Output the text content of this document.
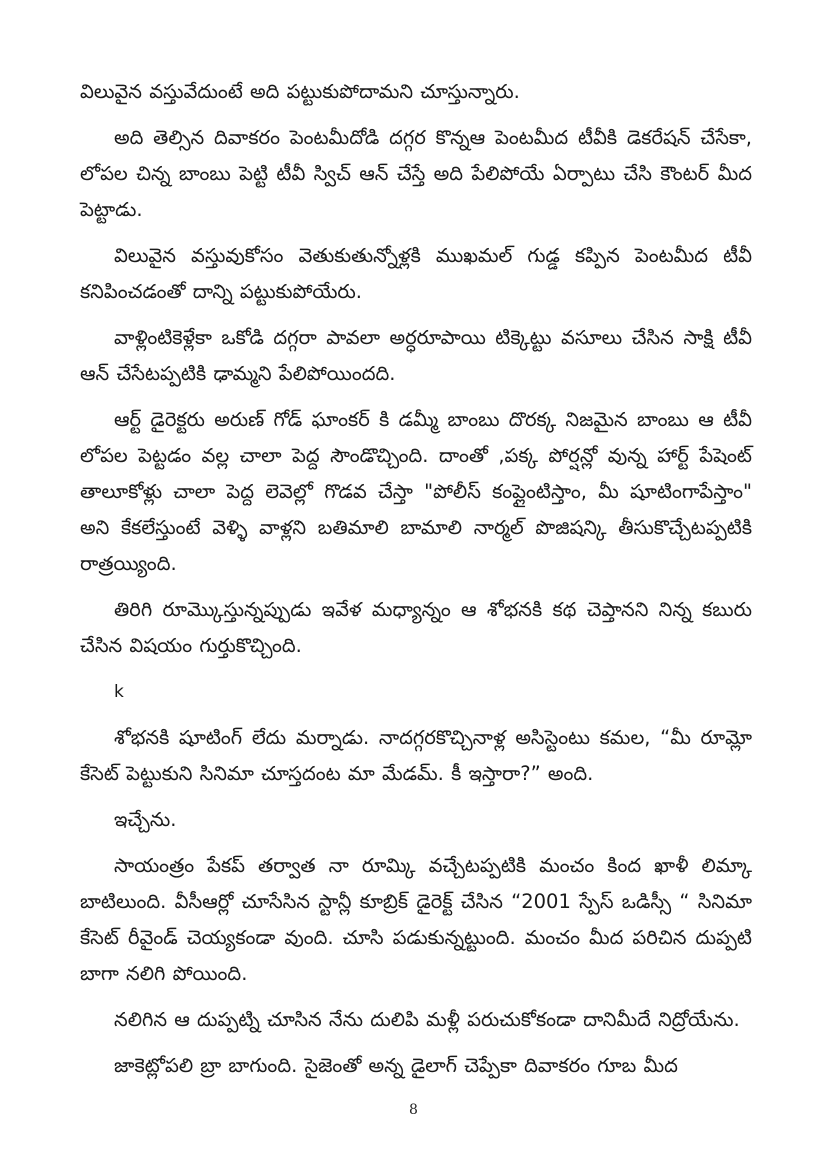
విలువైన వస్తువేదుంటే అది పట్టుకుపోదామని చూస్తున్నారు.

అది తెల్సిన దివాకరం పెంటమీదోడి దగ్గర కొన్నఆ పెంటమీద టీవీకి డెకరేషన్ చేసేకా, లోపల చిన్న బాంబు పెట్టి టీవీ స్విచ్ ఆన్ చేస్తే అది పేలిపోయే ఏర్పాటు చేసి కౌంటర్ మీద పెట్టాడు.

విలువైన వస్తువుకోసం వెతుకుతున్నోళ్లకి ముఖమల్ గుడ్డ కప్పిన పెంటమీద టీవీ కనిపించడంతో దాన్ని పట్టుకుపోయేరు.

వాళ్లింటికెళ్లేకా ఒకోడి దగ్గరా పావలా అర్ధరూపాయి టిక్కెట్టు వసూలు చేసిన సాక్షి టీవీ ఆన్ చేసేటప్పటికి ఢామ్మని పేలిపోయిందది.

ఆర్ట్ డైరెక్టరు అరుణ్ గోడ్ ఘాంకర్ కి డమ్మీ బాంబు దొరక్క నిజమైన బాంబు ఆ టీవీ లోపల పెట్టడం వల్ల చాలా పెద్ద సౌండొచ్చింది. దాంతో ,పక్క పోర్షన్లో వున్న హార్ట్ పేషెంట్ తాలూకోళ్లు చాలా పెద్ద లెవెల్లో గొడవ చేస్తా "పోలీస్ కంప్లైంటిస్తాం, మీ షూటింగాపేస్తాం" అని కేకలేస్తుంటే వెళ్ళి వాళ్లని బతిమాలి బామాలి నార్మల్ పొజిషన్కి తీసుకొచ్చేటప్పటికి రాత్రయ్యింది.

తిరిగి రూమ్కొస్తున్నప్పుడు ఇవేళ మధ్యాన్నం ఆ శోభనకి కథ చెప్తానని నిన్న కబురు చేసిన విషయం గుర్తుకొచ్చింది.

k

శోభనకి షూటింగ్ లేదు మర్నాడు. నాదగ్గరకొచ్చినాళ్ల అసిస్టెంటు కమల, “మీ రూమ్లో కేసెట్ పెట్టుకుని సినిమా చూస్తదంట మా మేడమ్. కీ ఇస్తారా?” అంది.

ఇచ్చేను.

సాయంత్రం పేకప్ తర్వాత నా రూమ్కి వచ్చేటప్పటికి మంచం కింద ఖాళీ లిమ్కా బాటిలుంది. వీసీఆర్లో చూసేసిన స్టాన్లీ కూబ్రిక్ డైరెక్ట్ చేసిన “2001 స్పేస్ ఒడిస్సీ “ సినిమా కేసెట్ రీవైండ్ చెయ్యకండా వుంది. చూసి పడుకున్నట్టుంది. మంచం మీద పరిచిన దుప్పటి బాగా నలిగి పోయింది.

నలిగిన ఆ దుప్పట్ని చూసిన నేను దులిపి మళ్లీ పరుచుకోకండా దానిమీదే నిద్రోయేను.

జాకెట్లోపలి బ్రా బాగుంది. సైజెంతో అన్న డైలాగ్ చెప్పేకా దివాకరం గూబ మీద

8
